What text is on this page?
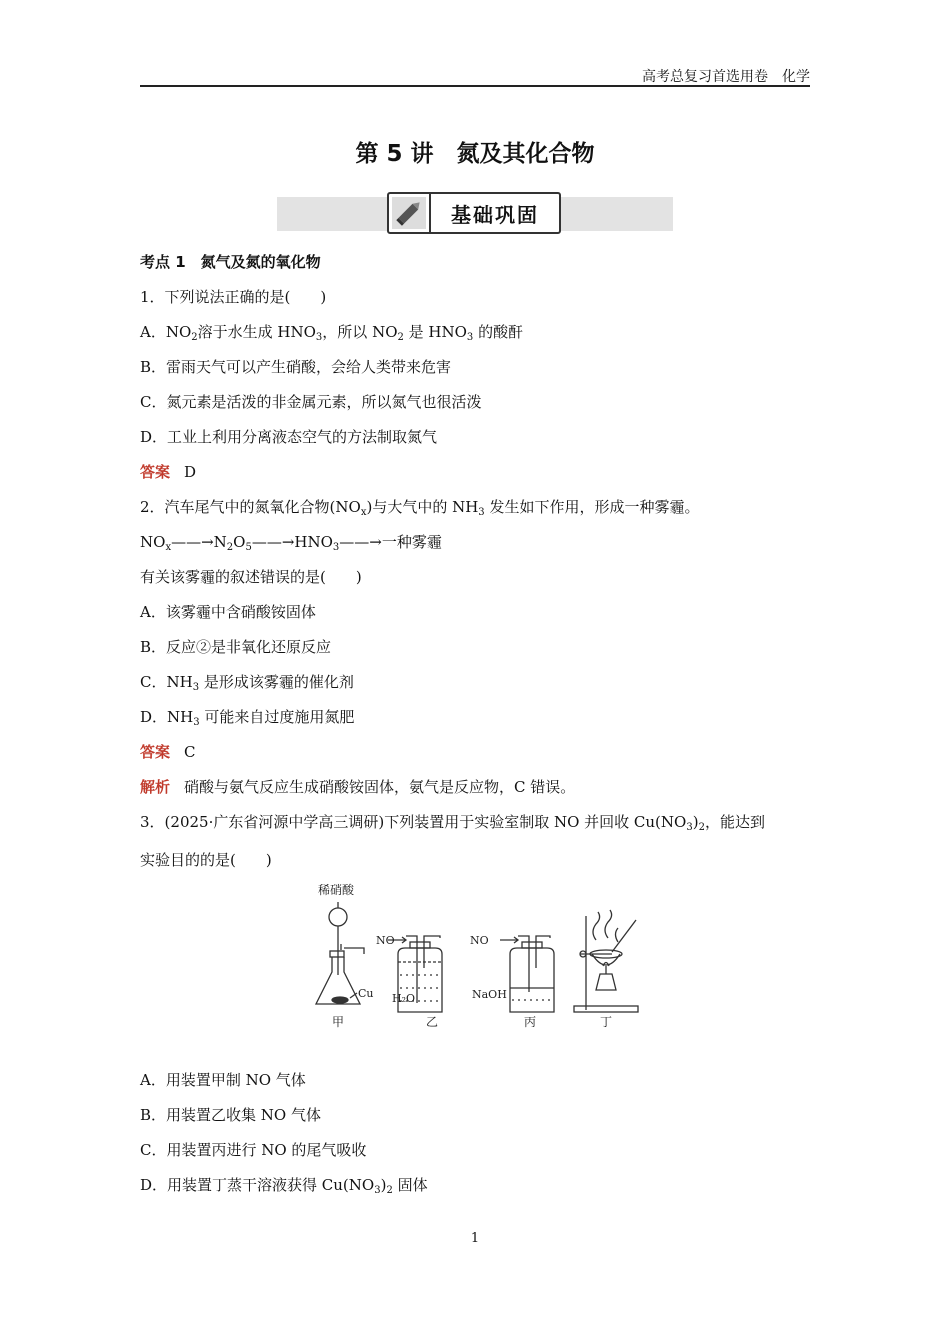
高考总复习首选用卷　化学
第 5 讲　氮及其化合物
基础巩固
考点 1　氮气及氮的氧化物
1．下列说法正确的是(　　)
A．$NO_2$溶于水生成 $HNO_3$，所以 $NO_2$ 是 $HNO_3$ 的酸酐
B．雷雨天气可以产生硝酸，会给人类带来危害
C．氮元素是活泼的非金属元素，所以氮气也很活泼
D．工业上利用分离液态空气的方法制取氮气
答案 D
2．汽车尾气中的氮氧化合物$(NO_x)$与大气中的 $NH_3$ 发生如下作用，形成一种雾霾。
$NO_x——\to N_2O_5——\to HNO_3——\to$一种雾霾
有关该雾霾的叙述错误的是(　　)
A．该雾霾中含硝酸铵固体
B．反应②是非氧化还原反应
C．$NH_3$ 是形成该雾霾的催化剂
D．$NH_3$ 可能来自过度施用氮肥
答案 C
解析 硝酸与氨气反应生成硝酸铵固体，氨气是反应物，C 错误。
3．(2025·广东省河源中学高三调研)下列装置用于实验室制取 NO 并回收 $Cu(NO_3)_2$，能达到
实验目的的是(　　)
稀硝酸
Cu
NO	NO
H₂O	NaOH
甲	乙	丙	丁
A．用装置甲制 NO 气体
B．用装置乙收集 NO 气体
C．用装置丙进行 NO 的尾气吸收
D．用装置丁蒸干溶液获得 $Cu(NO_3)_2$ 固体
1
